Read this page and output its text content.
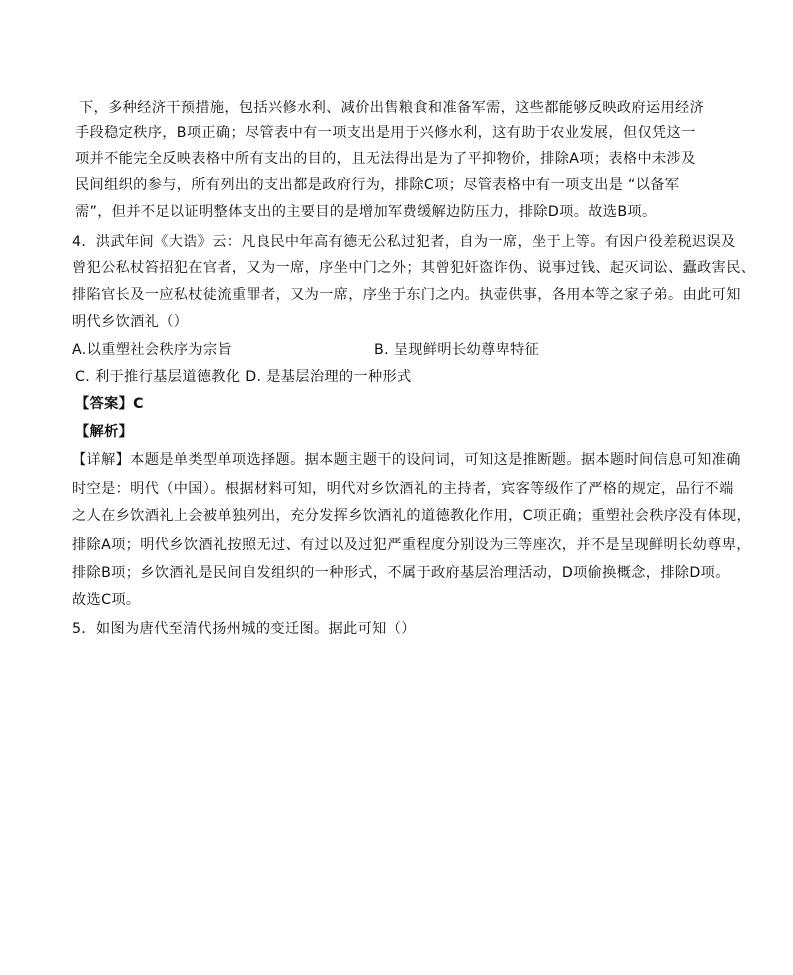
下，多种经济干预措施，包括兴修水利、减价出售粮食和准备军需，这些都能够反映政府运用经济
手段稳定秩序，B项正确；尽管表中有一项支出是用于兴修水利，这有助于农业发展，但仅凭这一
项并不能完全反映表格中所有支出的目的，且无法得出是为了平抑物价，排除A项；表格中未涉及
民间组织的参与，所有列出的支出都是政府行为，排除C项；尽管表格中有一项支出是 “以备军
需”，但并不足以证明整体支出的主要目的是增加军费缓解边防压力，排除D项。故选B项。
4．洪武年间《大诰》云：凡良民中年高有德无公私过犯者，自为一席，坐于上等。有因户役差税迟误及
曾犯公私杖笞招犯在官者，又为一席，序坐中门之外；其曾犯奸盗诈伪、说事过钱、起灭词讼、蠹政害民、
排陷官长及一应私杖徒流重罪者，又为一席，序坐于东门之内。执壶供事，各用本等之家子弟。由此可知
明代乡饮酒礼（）
A.以重塑社会秩序为宗旨	B. 呈现鲜明长幼尊卑特征
C. 利于推行基层道德教化 D. 是基层治理的一种形式
【答案】C
【解析】
【详解】本题是单类型单项选择题。据本题主题干的设问词，可知这是推断题。据本题时间信息可知准确
时空是：明代（中国）。根据材料可知，明代对乡饮酒礼的主持者，宾客等级作了严格的规定，品行不端
之人在乡饮酒礼上会被单独列出，充分发挥乡饮酒礼的道德教化作用，C项正确；重塑社会秩序没有体现，
排除A项；明代乡饮酒礼按照无过、有过以及过犯严重程度分别设为三等座次，并不是呈现鲜明长幼尊卑，
排除B项；乡饮酒礼是民间自发组织的一种形式，不属于政府基层治理活动，D项偷换概念，排除D项。
故选C项。
5．如图为唐代至清代扬州城的变迁图。据此可知（）
